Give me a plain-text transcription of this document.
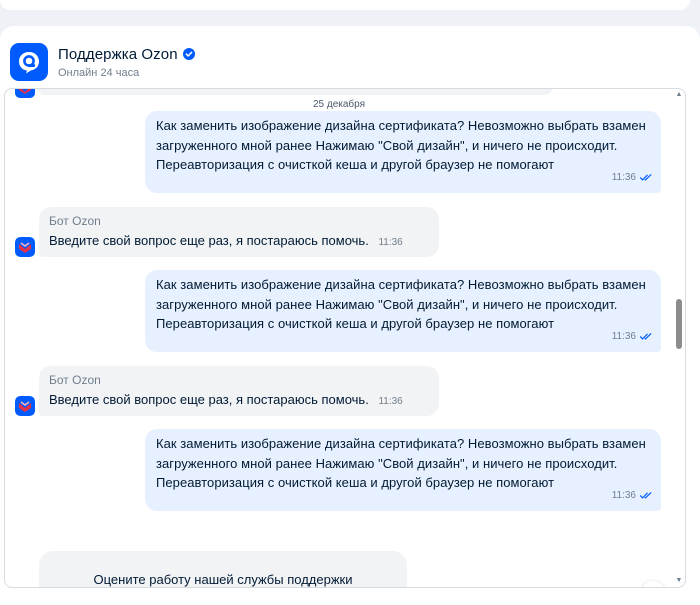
Поддержка Ozon
Онлайн 24 часа
25 декабря
Как заменить изображение дизайна сертификата? Невозможно выбрать взамен загруженного мной ранее Нажимаю "Свой дизайн", и ничего не происходит. Переавторизация с очисткой кеша и другой браузер не помогают
11:36
Бот Ozon
Введите свой вопрос еще раз, я постараюсь помочь. 11:36
Как заменить изображение дизайна сертификата? Невозможно выбрать взамен загруженного мной ранее Нажимаю "Свой дизайн", и ничего не происходит. Переавторизация с очисткой кеша и другой браузер не помогают
11:36
Бот Ozon
Введите свой вопрос еще раз, я постараюсь помочь. 11:36
Как заменить изображение дизайна сертификата? Невозможно выбрать взамен загруженного мной ранее Нажимаю "Свой дизайн", и ничего не происходит. Переавторизация с очисткой кеша и другой браузер не помогают
11:36
Оцените работу нашей службы поддержки
▲
▼
